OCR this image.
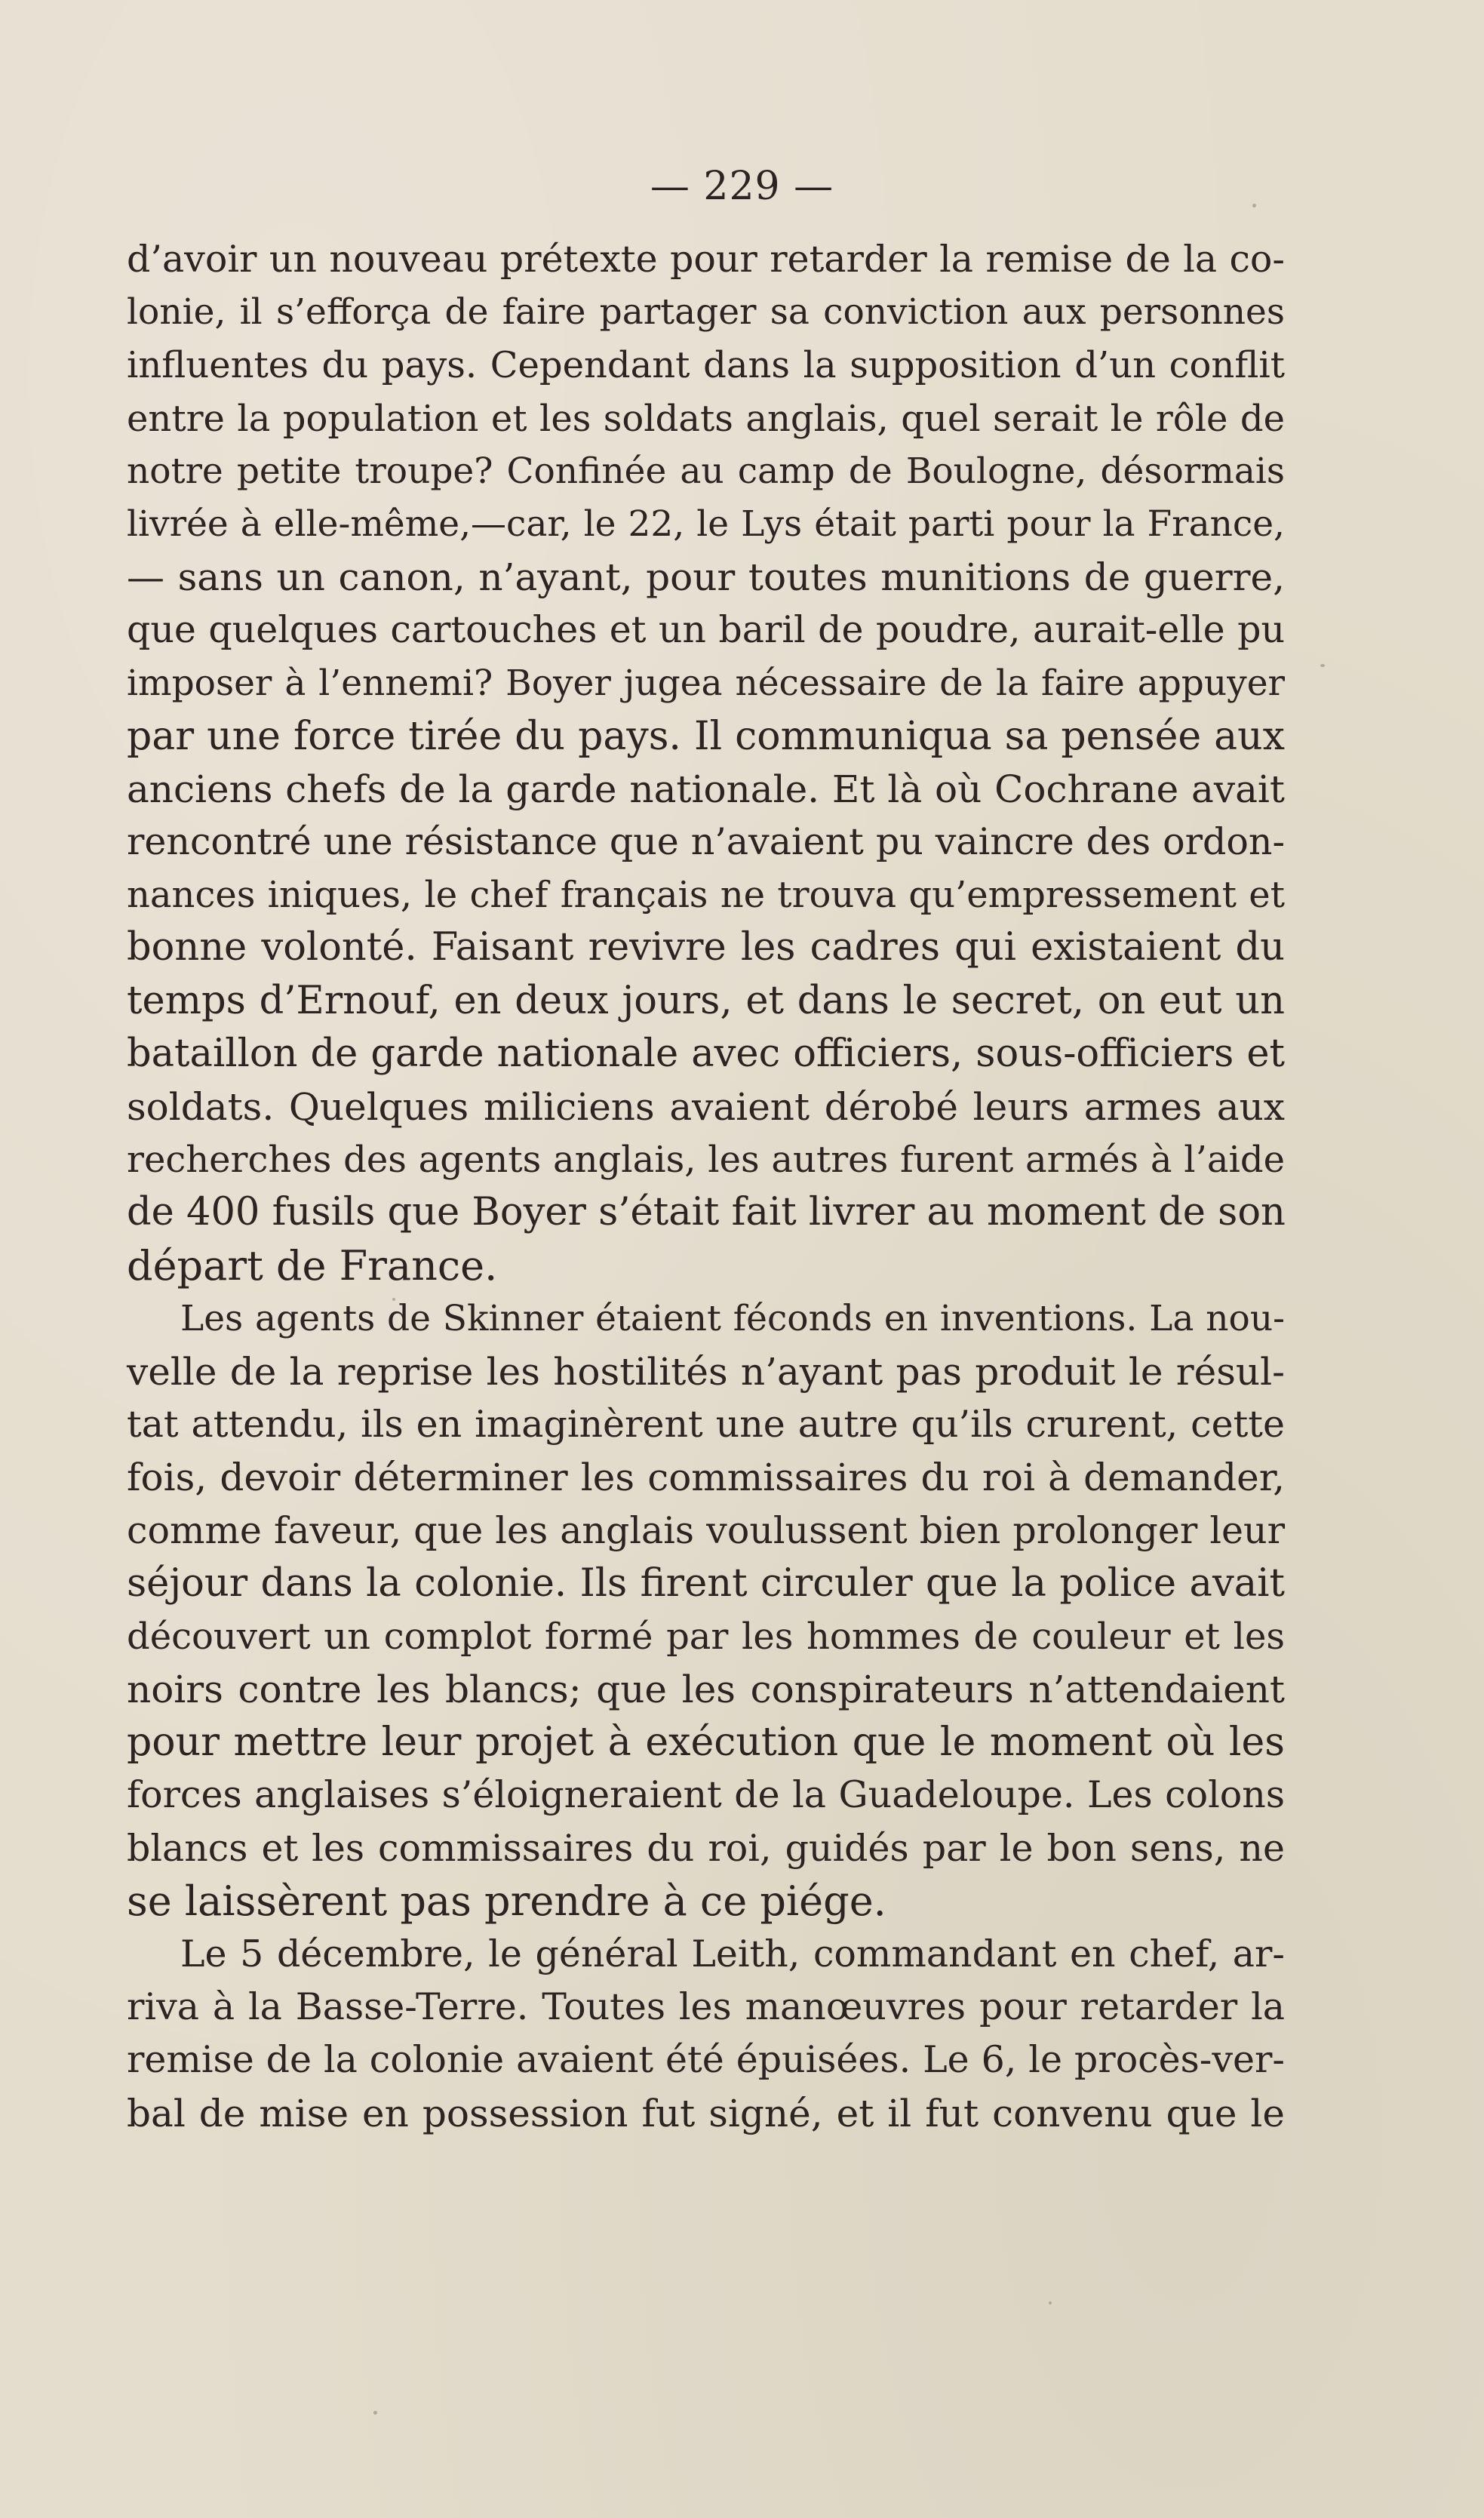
— 229 —
d’avoir un nouveau prétexte pour retarder la remise de la co-
lonie, il s’efforça de faire partager sa conviction aux personnes
influentes du pays. Cependant dans la supposition d’un conflit
entre la population et les soldats anglais, quel serait le rôle de
notre petite troupe? Confinée au camp de Boulogne, désormais
livrée à elle-même,—car, le 22, le Lys était parti pour la France,
— sans un canon, n’ayant, pour toutes munitions de guerre,
que quelques cartouches et un baril de poudre, aurait-elle pu
imposer à l’ennemi? Boyer jugea nécessaire de la faire appuyer
par une force tirée du pays. Il communiqua sa pensée aux
anciens chefs de la garde nationale. Et là où Cochrane avait
rencontré une résistance que n’avaient pu vaincre des ordon-
nances iniques, le chef français ne trouva qu’empressement et
bonne volonté. Faisant revivre les cadres qui existaient du
temps d’Ernouf, en deux jours, et dans le secret, on eut un
bataillon de garde nationale avec officiers, sous-officiers et
soldats. Quelques miliciens avaient dérobé leurs armes aux
recherches des agents anglais, les autres furent armés à l’aide
de 400 fusils que Boyer s’était fait livrer au moment de son
départ de France.
Les agents de Skinner étaient féconds en inventions. La nou-
velle de la reprise les hostilités n’ayant pas produit le résul-
tat attendu, ils en imaginèrent une autre qu’ils crurent, cette
fois, devoir déterminer les commissaires du roi à demander,
comme faveur, que les anglais voulussent bien prolonger leur
séjour dans la colonie. Ils firent circuler que la police avait
découvert un complot formé par les hommes de couleur et les
noirs contre les blancs; que les conspirateurs n’attendaient
pour mettre leur projet à exécution que le moment où les
forces anglaises s’éloigneraient de la Guadeloupe. Les colons
blancs et les commissaires du roi, guidés par le bon sens, ne
se laissèrent pas prendre à ce piége.
Le 5 décembre, le général Leith, commandant en chef, ar-
riva à la Basse-Terre. Toutes les manœuvres pour retarder la
remise de la colonie avaient été épuisées. Le 6, le procès-ver-
bal de mise en possession fut signé, et il fut convenu que le
